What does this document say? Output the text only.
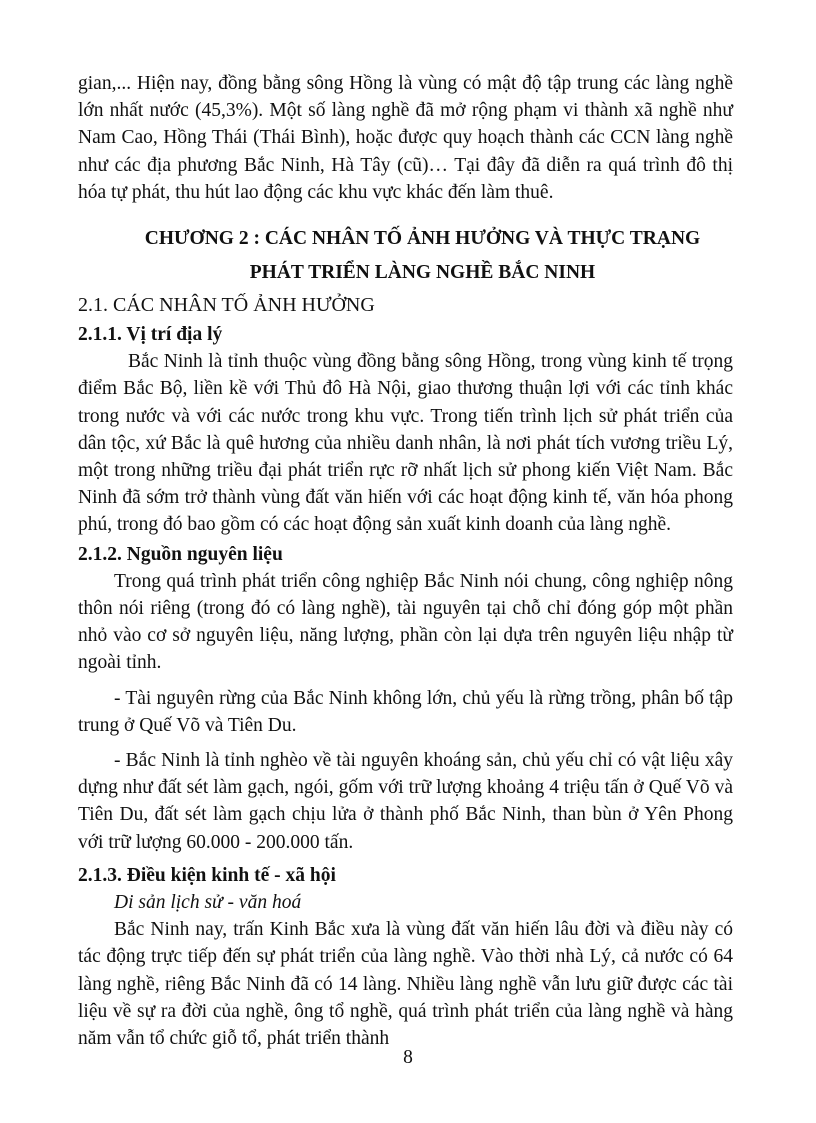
gian,... Hiện nay, đồng bằng sông Hồng là vùng có mật độ tập trung các làng nghề lớn nhất nước (45,3%). Một số làng nghề đã mở rộng phạm vi thành xã nghề như Nam Cao, Hồng Thái (Thái Bình), hoặc được quy hoạch thành các CCN làng nghề như các địa phương Bắc Ninh, Hà Tây (cũ)… Tại đây đã diễn ra quá trình đô thị hóa tự phát, thu hút lao động các khu vực khác đến làm thuê.

CHƯƠNG 2 : CÁC NHÂN TỐ ẢNH HƯỞNG VÀ THỰC TRẠNG
PHÁT TRIỂN LÀNG NGHỀ BẮC NINH
2.1. CÁC NHÂN TỐ ẢNH HƯỞNG
2.1.1. Vị trí địa lý

Bắc Ninh là tỉnh thuộc vùng đồng bằng sông Hồng, trong vùng kinh tế trọng điểm Bắc Bộ, liền kề với Thủ đô Hà Nội, giao thương thuận lợi với các tỉnh khác trong nước và với các nước trong khu vực. Trong tiến trình lịch sử phát triển của dân tộc, xứ Bắc là quê hương của nhiều danh nhân, là nơi phát tích vương triều Lý, một trong những triều đại phát triển rực rỡ nhất lịch sử phong kiến Việt Nam. Bắc Ninh đã sớm trở thành vùng đất văn hiến với các hoạt động kinh tế, văn hóa phong phú, trong đó bao gồm có các hoạt động sản xuất kinh doanh của làng nghề.

2.1.2. Nguồn nguyên liệu

Trong quá trình phát triển công nghiệp Bắc Ninh nói chung, công nghiệp nông thôn nói riêng (trong đó có làng nghề), tài nguyên tại chỗ chỉ đóng góp một phần nhỏ vào cơ sở nguyên liệu, năng lượng, phần còn lại dựa trên nguyên liệu nhập từ ngoài tỉnh.

- Tài nguyên rừng của Bắc Ninh không lớn, chủ yếu là rừng trồng, phân bố tập trung ở Quế Võ và Tiên Du.

- Bắc Ninh là tỉnh nghèo về tài nguyên khoáng sản, chủ yếu chỉ có vật liệu xây dựng như đất sét làm gạch, ngói, gốm với trữ lượng khoảng 4 triệu tấn ở Quế Võ và Tiên Du, đất sét làm gạch chịu lửa ở thành phố Bắc Ninh, than bùn ở Yên Phong với trữ lượng 60.000 - 200.000 tấn.

2.1.3. Điều kiện kinh tế - xã hội

Di sản lịch sử - văn hoá

Bắc Ninh nay, trấn Kinh Bắc xưa là vùng đất văn hiến lâu đời và điều này có tác động trực tiếp đến sự phát triển của làng nghề. Vào thời nhà Lý, cả nước có 64 làng nghề, riêng Bắc Ninh đã có 14 làng. Nhiều làng nghề vẫn lưu giữ được các tài liệu về sự ra đời của nghề, ông tổ nghề, quá trình phát triển của làng nghề và hàng năm vẫn tổ chức giỗ tổ, phát triển thành

8
